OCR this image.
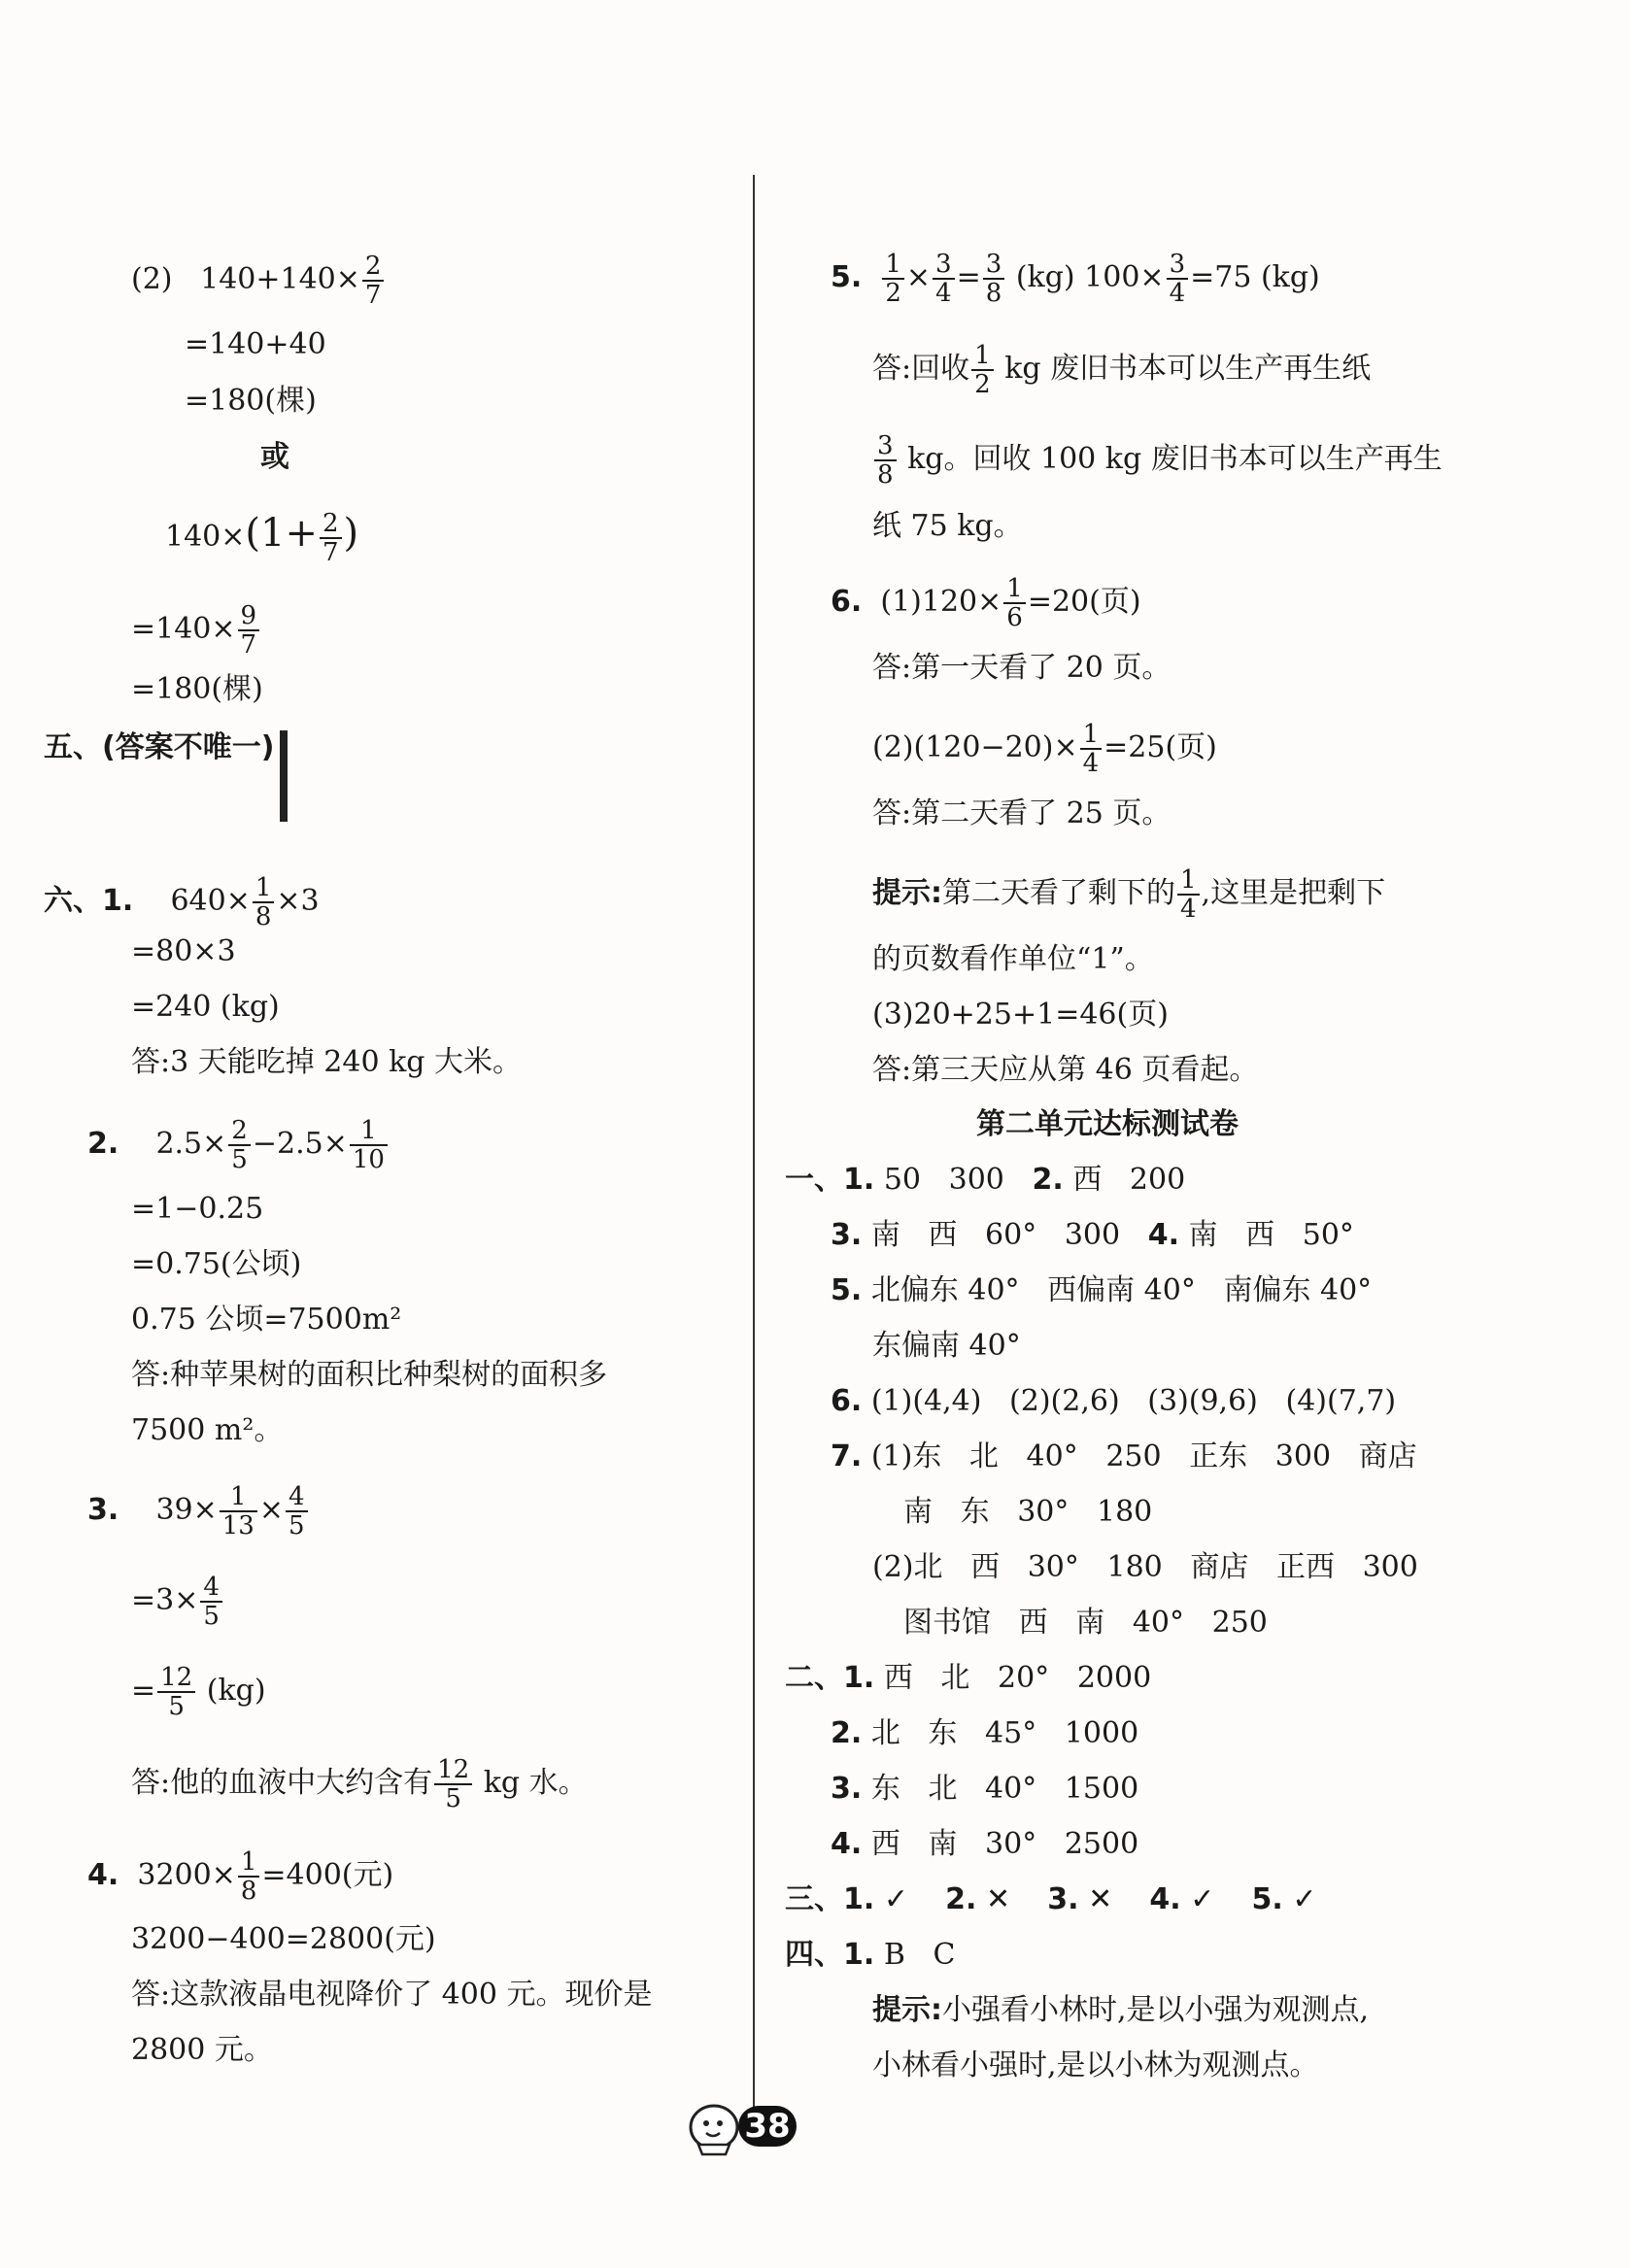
(2) $140+140\times \frac{2}{7}$
=140+40
=180(棵)
或
$140\times(1+ \frac{2}{7}$ )
$=140\times \frac{9}{7}$
=180(棵)
五、(答案不唯一)

六、1. $640\times \frac{1}{8} \times 3$
=80×3
=240 (kg)
答:3 天能吃掉 240 kg 大米。
2. $2.5\times \frac{2}{5} -2.5\times \frac{1}{10}$
=1−0.25
=0.75(公顷)
0.75 公顷=7500m²
答:种苹果树的面积比种梨树的面积多
7500 m²。
3. $39\times \frac{1}{13} \times \frac{4}{5}$
$=3\times \frac{4}{5}$
= $\frac{12}{5} (kg)$
答:他的血液中大约含有 $\frac{12}{5}$ kg 水。
4. $3200\times \frac{1}{8} =400$(元)
3200−400=2800(元)
答:这款液晶电视降价了 400 元。现价是
2800 元。
5. $\frac{1}{2} \times \frac{3}{4} = \frac{3}{8} (kg)$ $100\times \frac{3}{4} =75$ (kg)
答:回收 $\frac{1}{2}$ kg 废旧书本可以生产再生纸
$\frac{3}{8}$ kg。回收 100 kg 废旧书本可以生产再生
纸 75 kg。
6. $(1)120\times \frac{1}{6} =20$(页)
答:第一天看了 20 页。
$(2)(120-20)\times \frac{1}{4} =25$(页)
答:第二天看了 25 页。
提示:第二天看了剩下的 $\frac{1}{4}$ ,这里是把剩下
的页数看作单位“1”。
(3)20+25+1=46(页)
答:第三天应从第 46 页看起。
第二单元达标测试卷
一、1. 50   300 2. 西   200
3. 南   西   60°   300 4. 南   西   50°
5. 北偏东 40°   西偏南 40°   南偏东 40°
东偏南 40°
6. (1)(4,4)   (2)(2,6)   (3)(9,6)   (4)(7,7)
7. (1)东   北   40°   250   正东   300   商店
南   东   30°   180
(2)北   西   30°   180   商店   正西   300
图书馆   西   南   40°   250
二、1. 西   北   20°   2000
2. 北   东   45°   1000
3. 东   北   40°   1500
4. 西   南   30°   2500
三、1. ✓ 2. ✕ 3. ✕ 4. ✓ 5. ✓
四、1. B   C
提示:小强看小林时,是以小强为观测点,
小林看小强时,是以小林为观测点。
38
